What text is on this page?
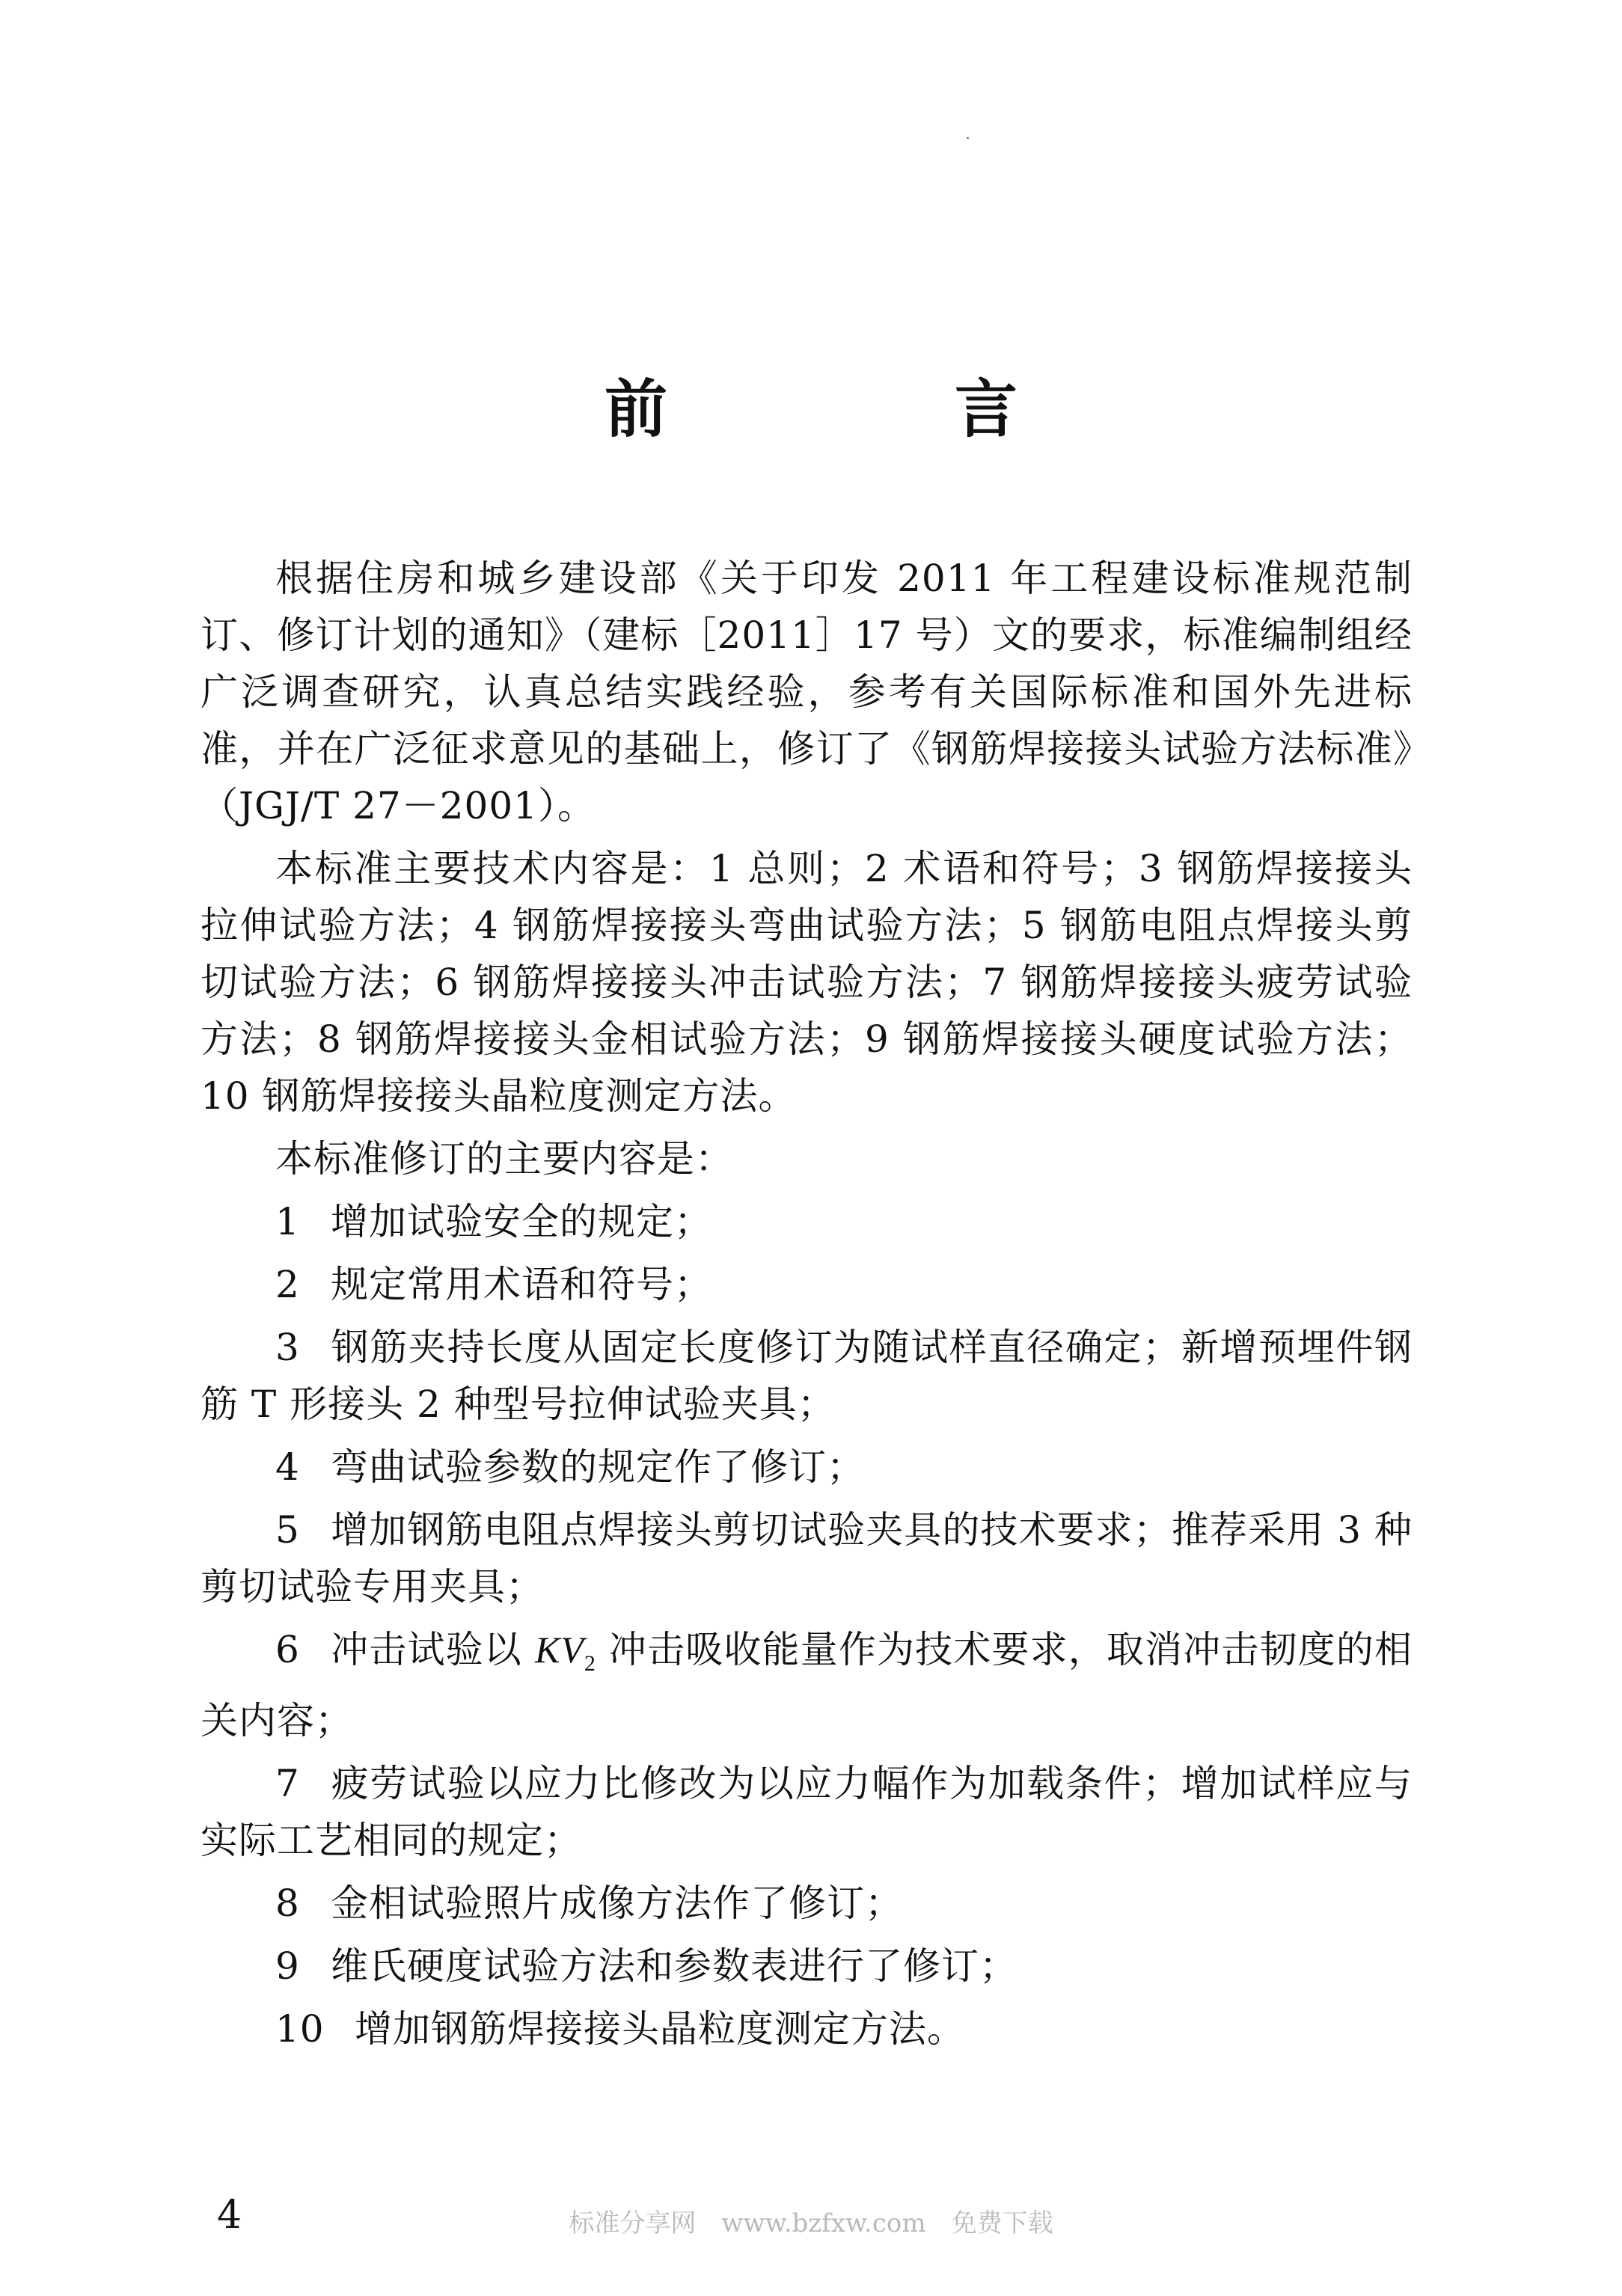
前　言

根据住房和城乡建设部《关于印发 2011 年工程建设标准规范制订、修订计划的通知》（建标［2011］17 号）文的要求，标准编制组经广泛调查研究，认真总结实践经验，参考有关国际标准和国外先进标准，并在广泛征求意见的基础上，修订了《钢筋焊接接头试验方法标准》（JGJ/T 27－2001）。

本标准主要技术内容是：1 总则；2 术语和符号；3 钢筋焊接接头拉伸试验方法；4 钢筋焊接接头弯曲试验方法；5 钢筋电阻点焊接头剪切试验方法；6 钢筋焊接接头冲击试验方法；7 钢筋焊接接头疲劳试验方法；8 钢筋焊接接头金相试验方法；9 钢筋焊接接头硬度试验方法；10 钢筋焊接接头晶粒度测定方法。

本标准修订的主要内容是：

1 增加试验安全的规定；

2 规定常用术语和符号；

3 钢筋夹持长度从固定长度修订为随试样直径确定；新增预埋件钢筋 T 形接头 2 种型号拉伸试验夹具；

4 弯曲试验参数的规定作了修订；

5 增加钢筋电阻点焊接头剪切试验夹具的技术要求；推荐采用 3 种剪切试验专用夹具；

6 冲击试验以 $KV_2$ 冲击吸收能量作为技术要求，取消冲击韧度的相关内容；

7 疲劳试验以应力比修改为以应力幅作为加载条件；增加试样应与实际工艺相同的规定；

8 金相试验照片成像方法作了修订；

9 维氏硬度试验方法和参数表进行了修订；

10 增加钢筋焊接接头晶粒度测定方法。

4	标准分享网　www.bzfxw.com　免费下载
